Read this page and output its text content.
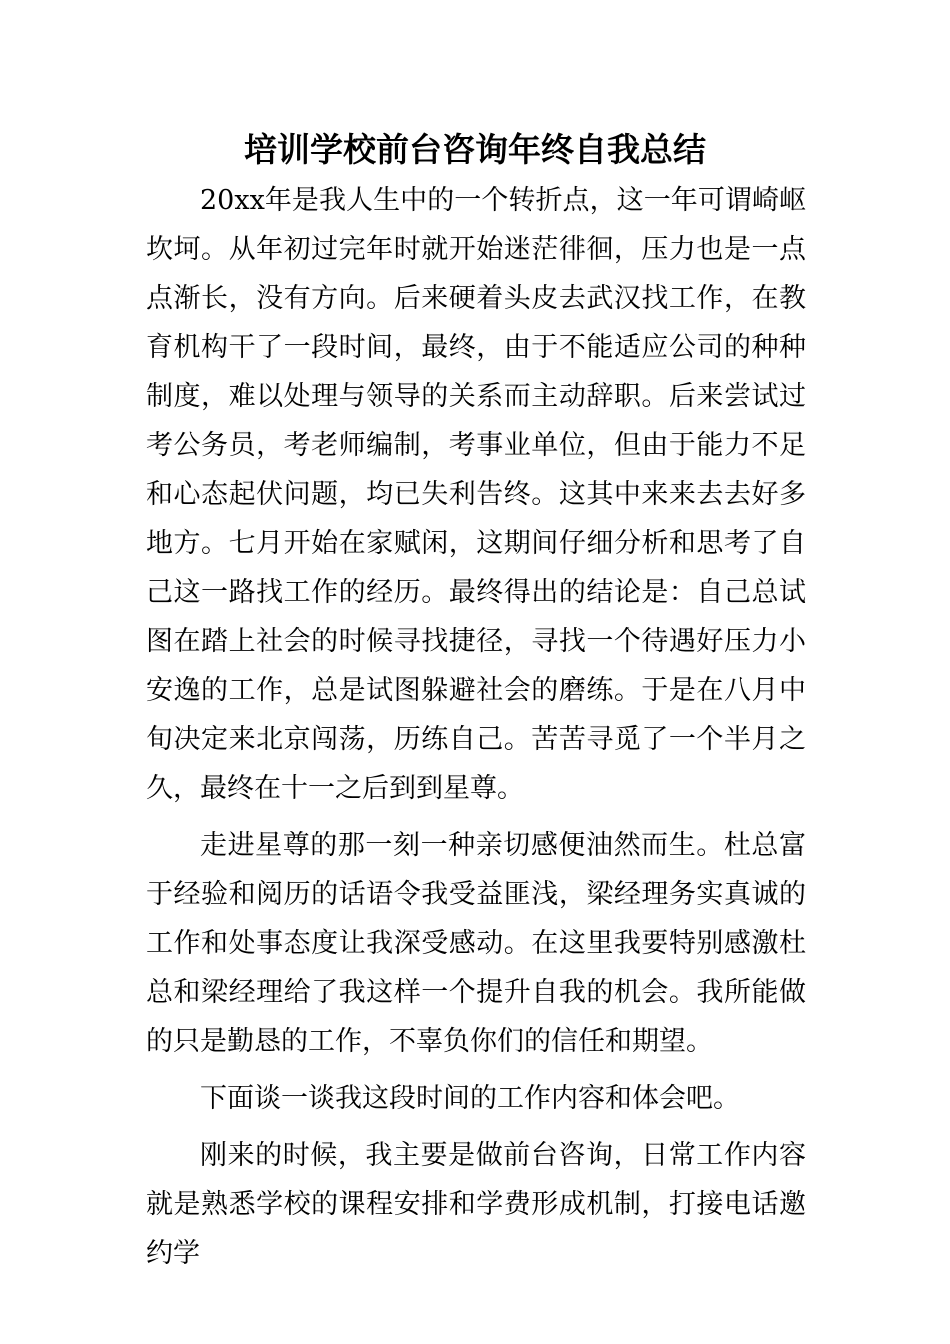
培训学校前台咨询年终自我总结

20xx年是我人生中的一个转折点，这一年可谓崎岖坎坷。从年初过完年时就开始迷茫徘徊，压力也是一点点渐长，没有方向。后来硬着头皮去武汉找工作，在教育机构干了一段时间，最终，由于不能适应公司的种种制度，难以处理与领导的关系而主动辞职。后来尝试过考公务员，考老师编制，考事业单位，但由于能力不足和心态起伏问题，均已失利告终。这其中来来去去好多地方。七月开始在家赋闲，这期间仔细分析和思考了自己这一路找工作的经历。最终得出的结论是：自己总试图在踏上社会的时候寻找捷径，寻找一个待遇好压力小安逸的工作，总是试图躲避社会的磨练。于是在八月中旬决定来北京闯荡，历练自己。苦苦寻觅了一个半月之久，最终在十一之后到到星尊。

走进星尊的那一刻一种亲切感便油然而生。杜总富于经验和阅历的话语令我受益匪浅，梁经理务实真诚的工作和处事态度让我深受感动。在这里我要特别感激杜总和梁经理给了我这样一个提升自我的机会。我所能做的只是勤恳的工作，不辜负你们的信任和期望。

下面谈一谈我这段时间的工作内容和体会吧。

刚来的时候，我主要是做前台咨询，日常工作内容就是熟悉学校的课程安排和学费形成机制，打接电话邀约学
